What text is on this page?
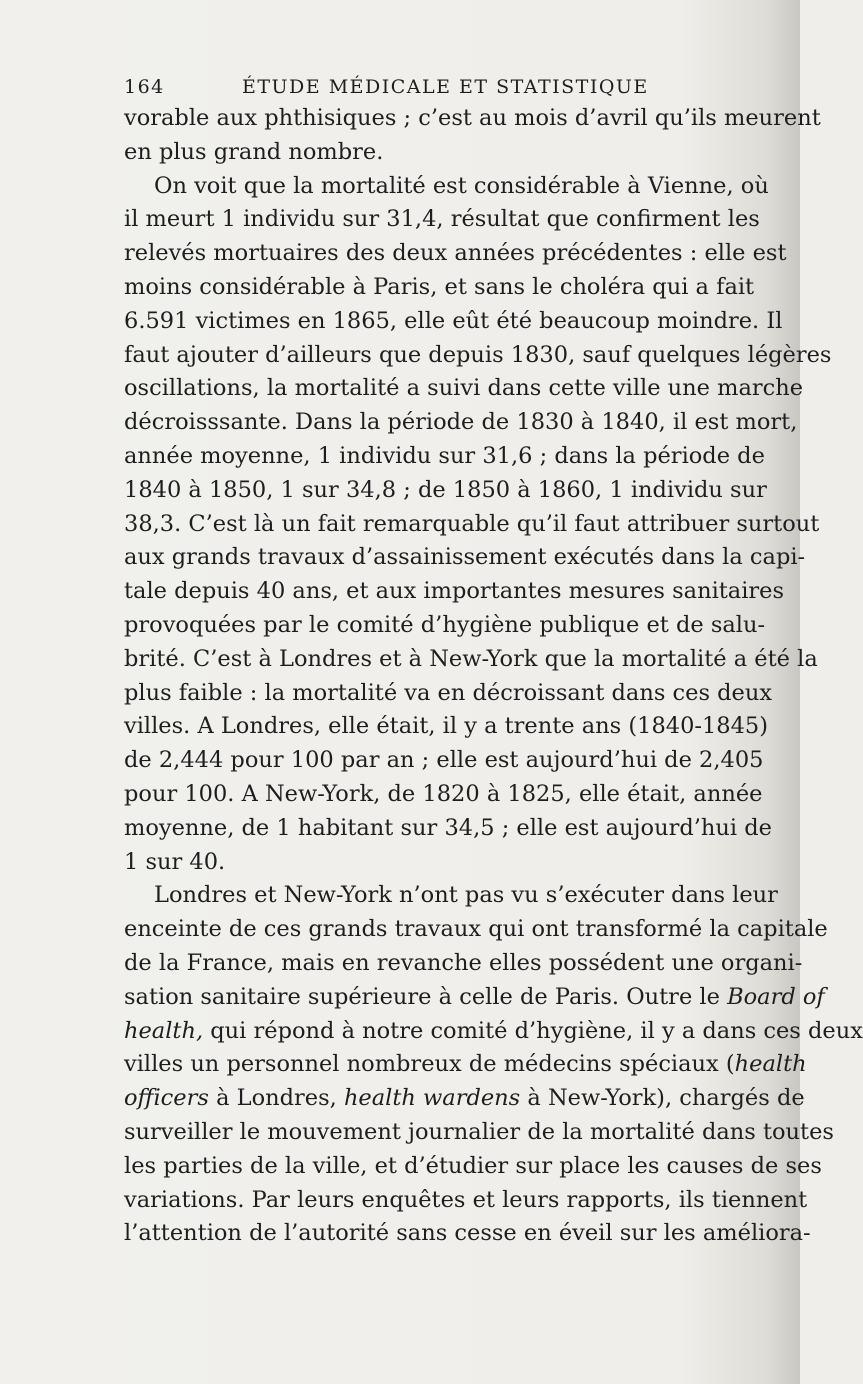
164	ÉTUDE MÉDICALE ET STATISTIQUE
vorable aux phthisiques ; c’est au mois d’avril qu’ils meurent
en plus grand nombre.
On voit que la mortalité est considérable à Vienne, où
il meurt 1 individu sur 31,4, résultat que confirment les
relevés mortuaires des deux années précédentes : elle est
moins considérable à Paris, et sans le choléra qui a fait
6.591 victimes en 1865, elle eût été beaucoup moindre. Il
faut ajouter d’ailleurs que depuis 1830, sauf quelques légères
oscillations, la mortalité a suivi dans cette ville une marche
décroisssante. Dans la période de 1830 à 1840, il est mort,
année moyenne, 1 individu sur 31,6 ; dans la période de
1840 à 1850, 1 sur 34,8 ; de 1850 à 1860, 1 individu sur
38,3. C’est là un fait remarquable qu’il faut attribuer surtout
aux grands travaux d’assainissement exécutés dans la capi-
tale depuis 40 ans, et aux importantes mesures sanitaires
provoquées par le comité d’hygiène publique et de salu-
brité. C’est à Londres et à New-York que la mortalité a été la
plus faible : la mortalité va en décroissant dans ces deux
villes. A Londres, elle était, il y a trente ans (1840-1845)
de 2,444 pour 100 par an ; elle est aujourd’hui de 2,405
pour 100. A New-York, de 1820 à 1825, elle était, année
moyenne, de 1 habitant sur 34,5 ; elle est aujourd’hui de
1 sur 40.
Londres et New-York n’ont pas vu s’exécuter dans leur
enceinte de ces grands travaux qui ont transformé la capitale
de la France, mais en revanche elles possédent une organi-
sation sanitaire supérieure à celle de Paris. Outre le Board of
health, qui répond à notre comité d’hygiène, il y a dans ces deux
villes un personnel nombreux de médecins spéciaux (health
officers à Londres, health wardens à New-York), chargés de
surveiller le mouvement journalier de la mortalité dans toutes
les parties de la ville, et d’étudier sur place les causes de ses
variations. Par leurs enquêtes et leurs rapports, ils tiennent
l’attention de l’autorité sans cesse en éveil sur les améliora-
